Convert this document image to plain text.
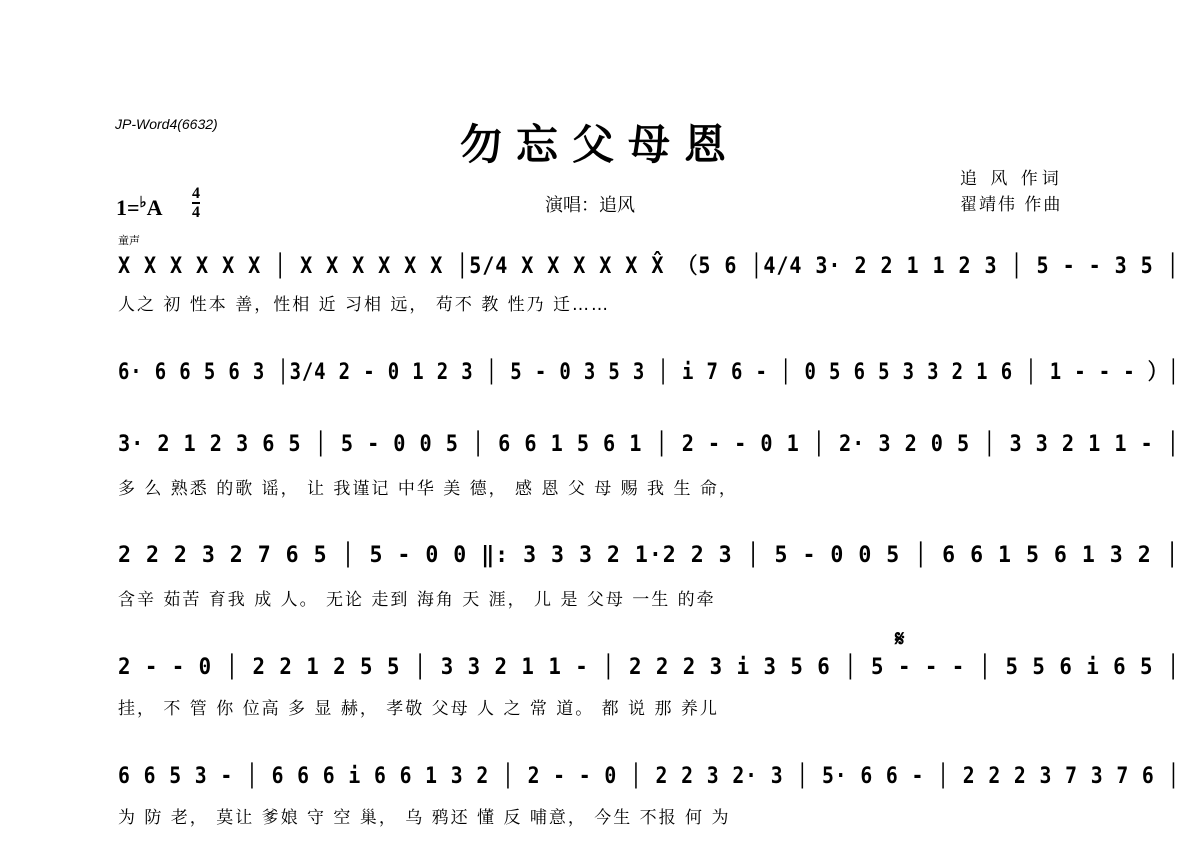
JP-Word4(6632)	勿忘父母恩
1=♭A
4
4	演唱：追风
追 风 作词
翟靖伟 作曲
童声
X X X X X X │ X X X X X X │5/4 X X X X X X̂ （5 6 │4/4 3· 2 2 1 1 2 3 │ 5 - - 3 5 │
人之 初 性本 善，性相 近 习相 远， 苟不 教 性乃 迁……
6· 6 6 5 6 3 │3/4 2 - 0 1 2 3 │ 5 - 0 3 5 3 │ i 7 6 - │ 0 5 6 5 3 3 2 1 6 │ 1 - - - ）│
3· 2 1 2 3 6 5 │ 5 - 0 0 5 │ 6 6 1 5 6 1 │ 2 - - 0 1 │ 2· 3 2 0 5 │ 3 3 2 1 1 - │
多 么 熟悉 的歌 谣， 让 我谨记 中华 美 德， 感 恩 父 母 赐 我 生 命，
2 2 2 3 2 7 6 5 │ 5 - 0 0 ‖: 3 3 3 2 1·2 2 3 │ 5 - 0 0 5 │ 6 6 1 5 6 1 3 2 │
含辛 茹苦 育我 成 人。 无论 走到 海角 天 涯， 儿 是 父母 一生 的牵
𝄋
2 - - 0 │ 2 2 1 2 5 5 │ 3 3 2 1 1 - │ 2 2 2 3 i 3 5 6 │ 5 - - - │ 5 5 6 i 6 5 │
挂， 不 管 你 位高 多 显 赫， 孝敬 父母 人 之 常 道。 都 说 那 养儿
6 6 5 3 - │ 6 6 6 i 6 6 1 3 2 │ 2 - - 0 │ 2 2 3 2· 3 │ 5· 6 6 - │ 2 2 2 3 7 3 7 6 │
为 防 老， 莫让 爹娘 守 空 巢， 乌 鸦还 懂 反 哺意， 今生 不报 何 为
